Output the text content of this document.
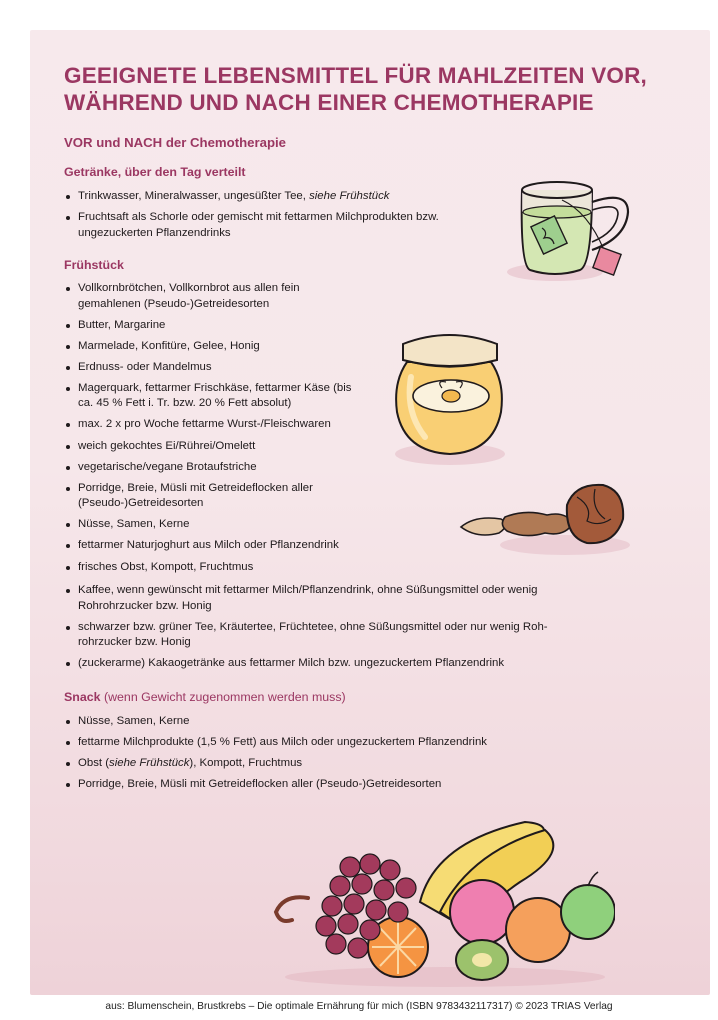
GEEIGNETE LEBENSMITTEL FÜR MAHLZEITEN VOR,
WÄHREND UND NACH EINER CHEMOTHERAPIE
VOR und NACH der Chemotherapie
Getränke, über den Tag verteilt
Trinkwasser, Mineralwasser, ungesüßter Tee, siehe Frühstück
Fruchtsaft als Schorle oder gemischt mit fettarmen Milchprodukten bzw. ungezuckerten Pflanzendrinks
Frühstück
Vollkornbrötchen, Vollkornbrot aus allen fein gemahlenen (Pseudo-)Getreidesorten
Butter, Margarine
Marmelade, Konfitüre, Gelee, Honig
Erdnuss- oder Mandelmus
Magerquark, fettarmer Frischkäse, fettarmer Käse (bis ca. 45 % Fett i. Tr. bzw. 20 % Fett absolut)
max. 2 x pro Woche fettarme Wurst-/Fleischwaren
weich gekochtes Ei/Rührei/Omelett
vegetarische/vegane Brotaufstriche
Porridge, Breie, Müsli mit Getreideflocken aller (Pseudo-)Getreidesorten
Nüsse, Samen, Kerne
fettarmer Naturjoghurt aus Milch oder Pflanzendrink
frisches Obst, Kompott, Fruchtmus
Kaffee, wenn gewünscht mit fettarmer Milch/Pflanzendrink, ohne Süßungsmittel oder wenig Rohrohrzucker bzw. Honig
schwarzer bzw. grüner Tee, Kräutertee, Früchtetee, ohne Süßungsmittel oder nur wenig Roh- rohrzucker bzw. Honig
(zuckerarme) Kakaogetränke aus fettarmer Milch bzw. ungezuckertem Pflanzendrink
Snack (wenn Gewicht zugenommen werden muss)
Nüsse, Samen, Kerne
fettarme Milchprodukte (1,5 % Fett) aus Milch oder ungezuckertem Pflanzendrink
Obst (siehe Frühstück), Kompott, Fruchtmus
Porridge, Breie, Müsli mit Getreideflocken aller (Pseudo-)Getreidesorten
aus: Blumenschein, Brustkrebs – Die optimale Ernährung für mich (ISBN 9783432117317) © 2023 TRIAS Verlag
